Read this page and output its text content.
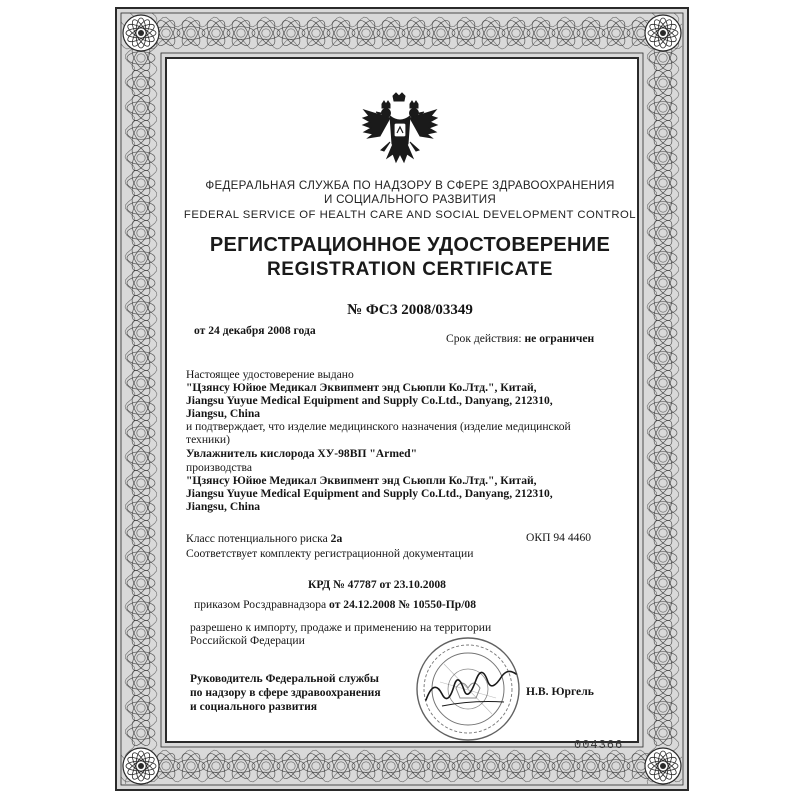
ФЕДЕРАЛЬНАЯ СЛУЖБА ПО НАДЗОРУ В СФЕРЕ ЗДРАВООХРАНЕНИЯ
И СОЦИАЛЬНОГО РАЗВИТИЯ
FEDERAL SERVICE OF HEALTH CARE AND SOCIAL DEVELOPMENT CONTROL
РЕГИСТРАЦИОННОЕ УДОСТОВЕРЕНИЕ
REGISTRATION CERTIFICATE
№ ФСЗ 2008/03349
от 24 декабря 2008 года
Срок действия: не ограничен
Настоящее удостоверение выдано
"Цзянсу Юйюе Медикал Эквипмент энд Сьюпли Ко.Лтд.", Китай,
Jiangsu Yuyue Medical Equipment and Supply Co.Ltd., Danyang, 212310,
Jiangsu, China
и подтверждает, что изделие медицинского назначения (изделие медицинской
техники)
Увлажнитель кислорода ХУ-98ВП "Armed"
производства
"Цзянсу Юйюе Медикал Эквипмент энд Сьюпли Ко.Лтд.", Китай,
Jiangsu Yuyue Medical Equipment and Supply Co.Ltd., Danyang, 212310,
Jiangsu, China
Класс потенциального риска 2а	ОКП 94 4460
Соответствует комплекту регистрационной документации
КРД № 47787 от 23.10.2008
приказом Росздравнадзора от 24.12.2008 № 10550-Пр/08
разрешено к импорту, продаже и применению на территории
Российской Федерации
Руководитель Федеральной службы
по надзору в сфере здравоохранения
и социального развития
Н.В. Юргель
004366
